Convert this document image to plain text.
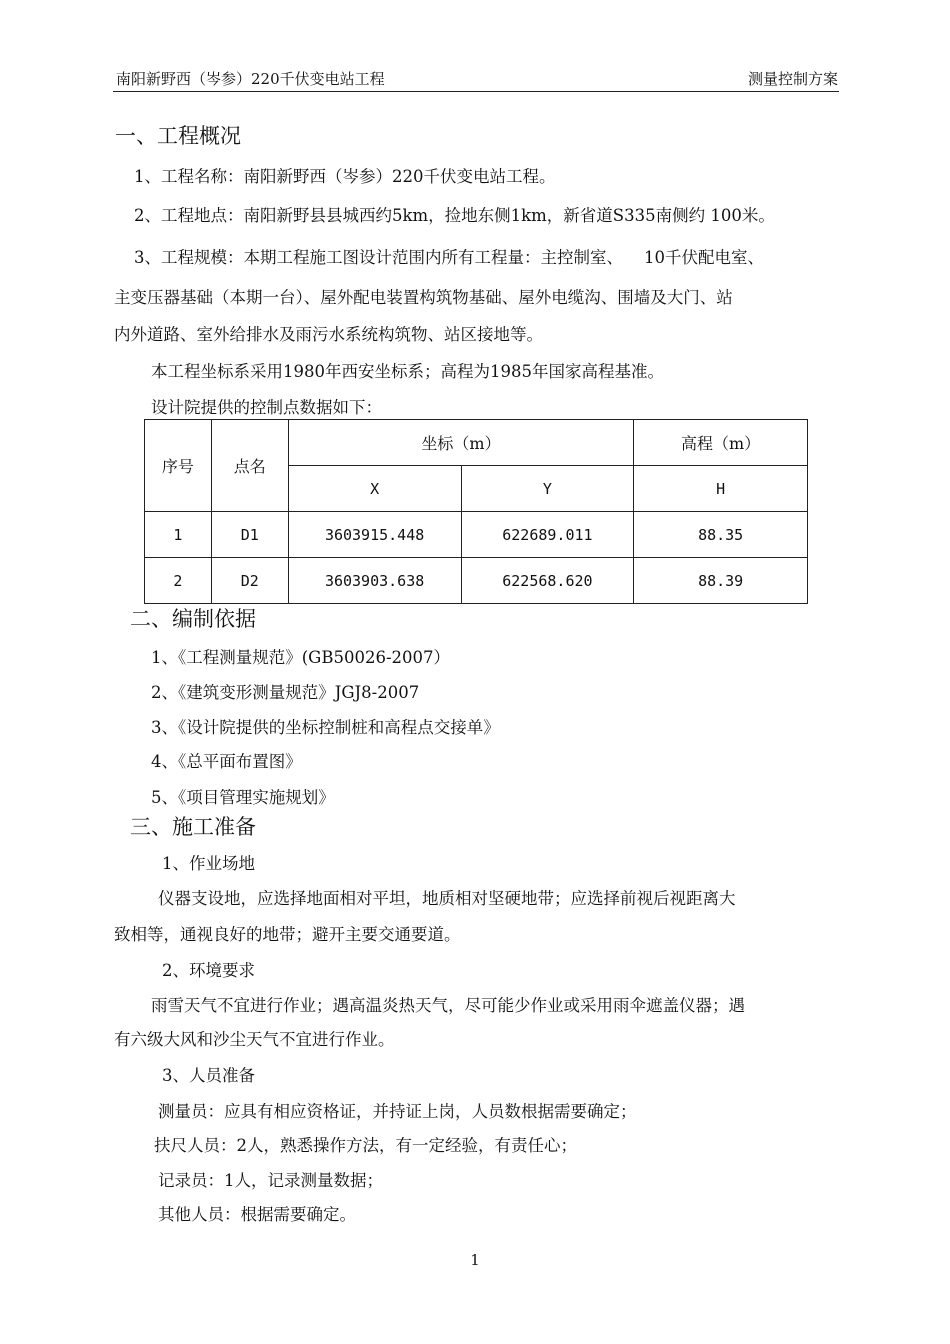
南阳新野西（岑参）220千伏变电站工程	测量控制方案
一、工程概况
1、工程名称：南阳新野西（岑参）220千伏变电站工程。
2、工程地点：南阳新野县县城西约5km，捡地东侧1km，新省道S335南侧约 100米。
3、工程规模：本期工程施工图设计范围内所有工程量：主控制室、    10千伏配电室、
主变压器基础（本期一台）、屋外配电装置构筑物基础、屋外电缆沟、围墙及大门、站
内外道路、室外给排水及雨污水系统构筑物、站区接地等。
本工程坐标系采用1980年西安坐标系；高程为1985年国家高程基准。
设计院提供的控制点数据如下：
序号	点名	坐标（m）		高程（m）
		X	Y	H
1	D1	3603915.448	622689.011	88.35
2	D2	3603903.638	622568.620	88.39
二、编制依据
1、《工程测量规范》(GB50026-2007）
2、《建筑变形测量规范》JGJ8-2007
3、《设计院提供的坐标控制桩和高程点交接单》
4、《总平面布置图》
5、《项目管理实施规划》
三、施工准备
1、作业场地
仪器支设地，应选择地面相对平坦，地质相对坚硬地带；应选择前视后视距离大
致相等，通视良好的地带；避开主要交通要道。
2、环境要求
雨雪天气不宜进行作业；遇高温炎热天气，尽可能少作业或采用雨伞遮盖仪器；遇
有六级大风和沙尘天气不宜进行作业。
3、人员准备
测量员：应具有相应资格证，并持证上岗，人员数根据需要确定；
扶尺人员：2人，熟悉操作方法，有一定经验，有责任心；
记录员：1人，记录测量数据；
其他人员：根据需要确定。
1
